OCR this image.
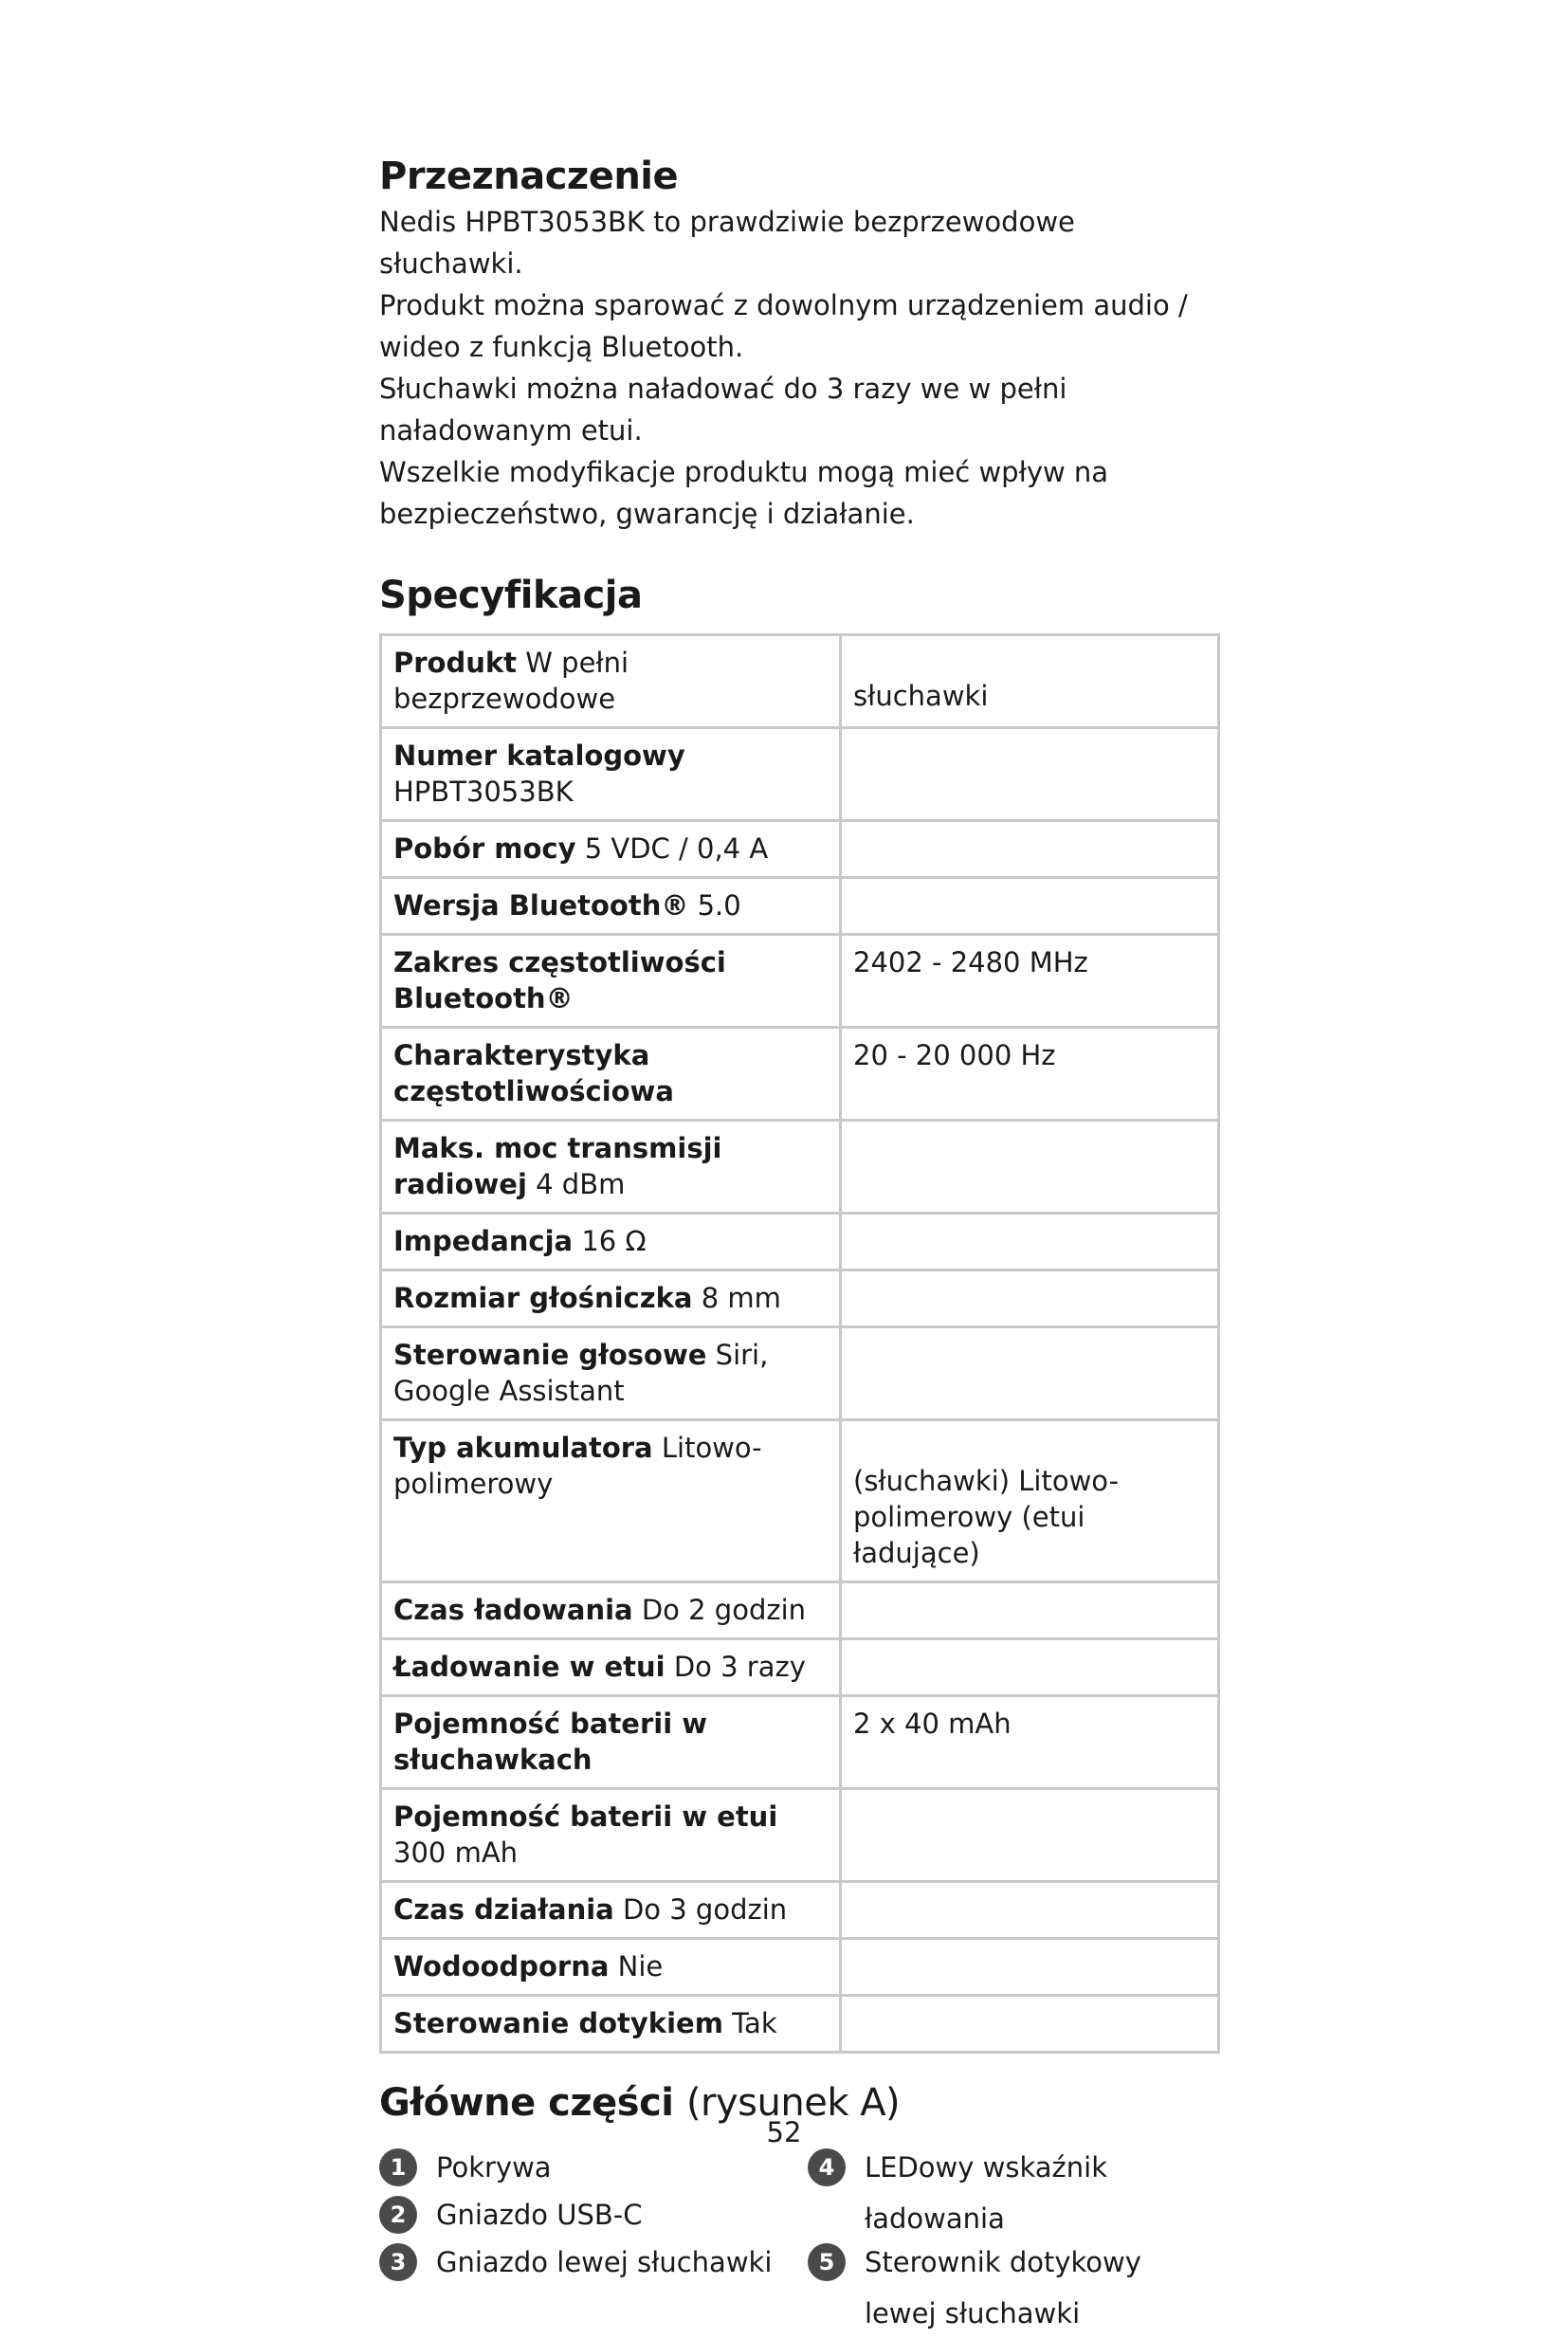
Przeznaczenie

Nedis HPBT3053BK to prawdziwie bezprzewodowe słuchawki.

Produkt można sparować z dowolnym urządzeniem audio /

wideo z funkcją Bluetooth.

Słuchawki można naładować do 3 razy we w pełni

naładowanym etui.

Wszelkie modyfikacje produktu mogą mieć wpływ na

bezpieczeństwo, gwarancję i działanie.

Specyfikacja
Produkt W pełni bezprzewodowe	słuchawki
Numer katalogowy HPBT3053BK	
Pobór mocy 5 VDC / 0,4 A	
Wersja Bluetooth® 5.0	
Zakres częstotliwości Bluetooth®	2402 - 2480 MHz
Charakterystyka częstotliwościowa	20 - 20 000 Hz
Maks. moc transmisji radiowej 4 dBm	
Impedancja 16 Ω	
Rozmiar głośniczka 8 mm	
Sterowanie głosowe Siri, Google Assistant	
Typ akumulatora Litowo-polimerowy	(słuchawki) Litowo-polimerowy (etui ładujące)
Czas ładowania Do 2 godzin	
Ładowanie w etui Do 3 razy	
Pojemność baterii w słuchawkach	2 x 40 mAh
Pojemność baterii w etui 300 mAh	
Czas działania Do 3 godzin	
Wodoodporna Nie	
Sterowanie dotykiem Tak	
Główne części (rysunek A)
1	Pokrywa
2	Gniazdo USB-C
3	Gniazdo lewej słuchawki
4	LEDowy wskaźnik ładowania
5	Sterownik dotykowy lewej słuchawki
52
